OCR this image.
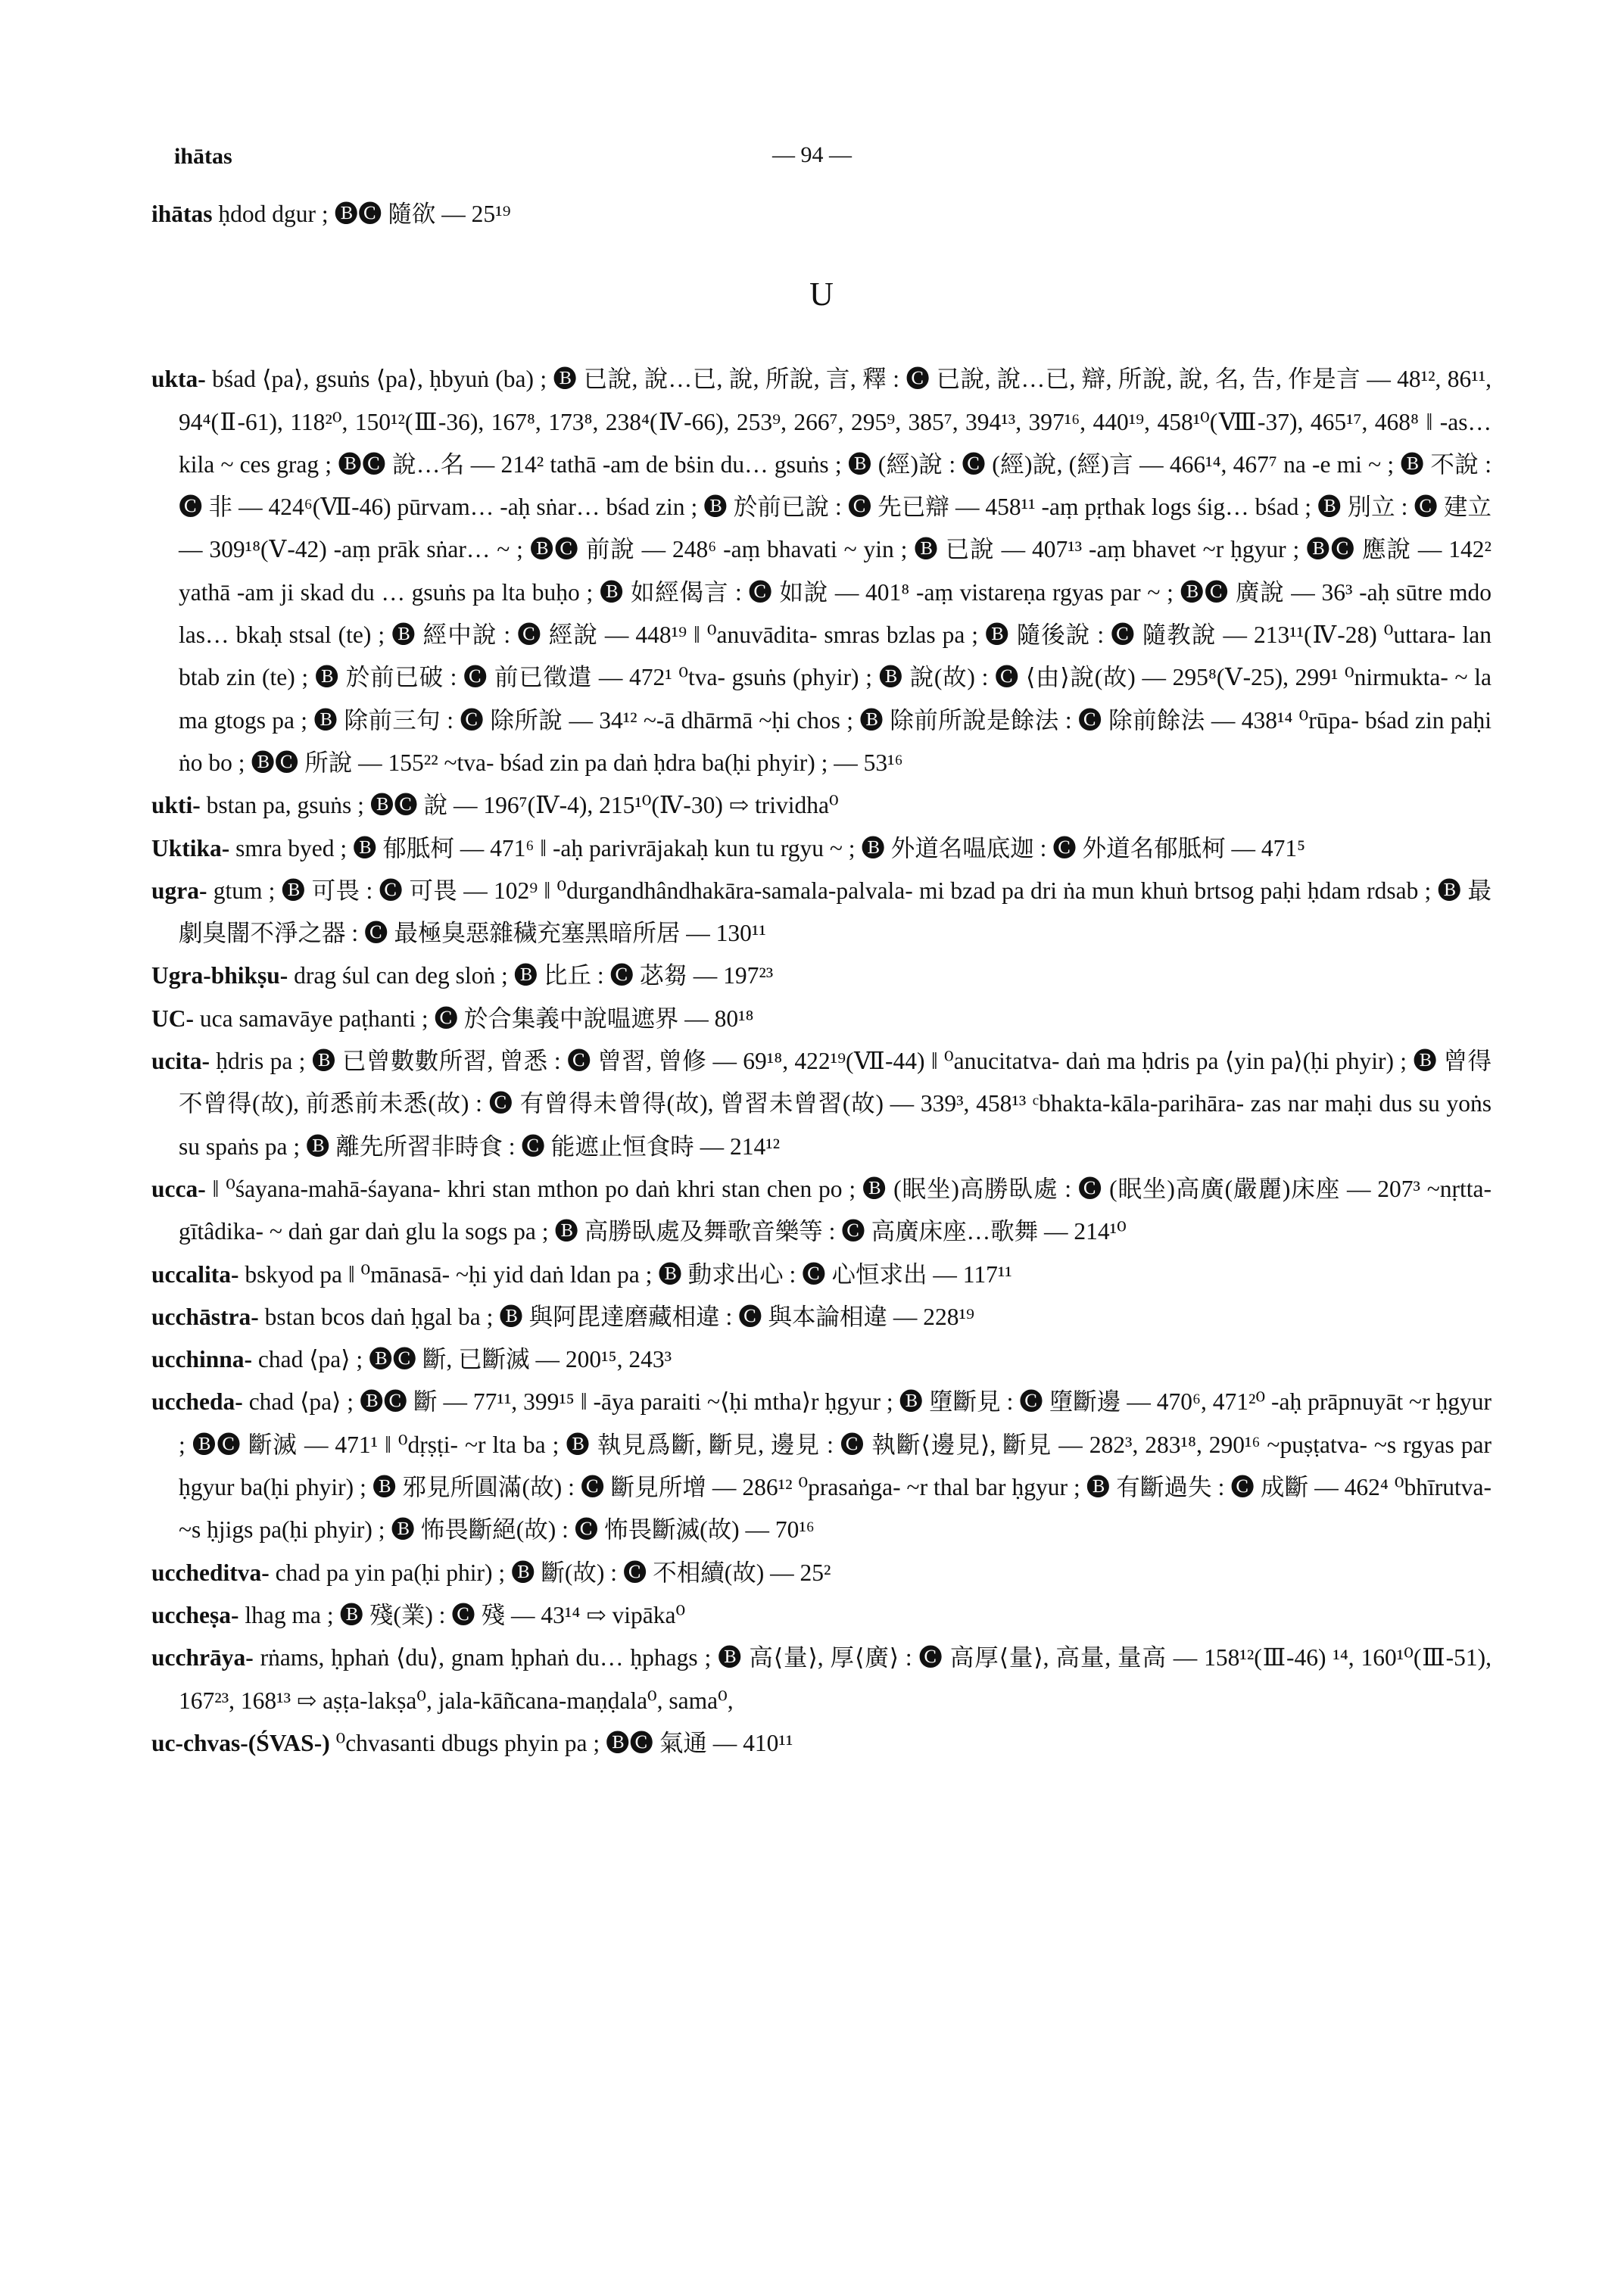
ihātas	— 94 —

ihātas ḥdod dgur ; 🅑🅒 隨欲 — 25¹⁹

U

ukta- bśad ⟨pa⟩, gsuṅs ⟨pa⟩, ḥbyuṅ (ba) ; 🅑 已說, 說…已, 說, 所說, 言, 釋 : 🅒 已說, 說…已, 辯, 所說, 說, 名, 告, 作是言 — 48¹², 86¹¹, 94⁴(Ⅱ-61), 118²⁰, 150¹²(Ⅲ-36), 167⁸, 173⁸, 238⁴(Ⅳ-66), 253⁹, 266⁷, 295⁹, 385⁷, 394¹³, 397¹⁶, 440¹⁹, 458¹⁰(Ⅷ-37), 465¹⁷, 468⁸ ‖ -as… kila ~ ces grag ; 🅑🅒 說…名 — 214² tathā -am de bṡin du… gsuṅs ; 🅑 (經)說 : 🅒 (經)說, (經)言 — 466¹⁴, 467⁷ na -e mi ~ ; 🅑 不說 : 🅒 非 — 424⁶(Ⅶ-46) pūrvam… -aḥ sṅar… bśad zin ; 🅑 於前已說 : 🅒 先已辯 — 458¹¹ -aṃ pṛthak logs śig… bśad ; 🅑 別立 : 🅒 建立 — 309¹⁸(Ⅴ-42) -aṃ prāk sṅar… ~ ; 🅑🅒 前說 — 248⁶ -aṃ bhavati ~ yin ; 🅑 已說 — 407¹³ -aṃ bhavet ~r ḥgyur ; 🅑🅒 應說 — 142² yathā -am ji skad du … gsuṅs pa lta buḥo ; 🅑 如經偈言 : 🅒 如說 — 401⁸ -aṃ vistareṇa rgyas par ~ ; 🅑🅒 廣說 — 36³ -aḥ sūtre mdo las… bkaḥ stsal (te) ; 🅑 經中說 : 🅒 經說 — 448¹⁹ ‖ ⁰anuvādita- smras bzlas pa ; 🅑 隨後說 : 🅒 隨教說 — 213¹¹(Ⅳ-28) ⁰uttara- lan btab zin (te) ; 🅑 於前已破 : 🅒 前已徵遣 — 472¹ ⁰tva- gsuṅs (phyir) ; 🅑 說(故) : 🅒 ⟨由⟩說(故) — 295⁸(Ⅴ-25), 299¹ ⁰nirmukta- ~ la ma gtogs pa ; 🅑 除前三句 : 🅒 除所說 — 34¹² ~-ā dhārmā ~ḥi chos ; 🅑 除前所說是餘法 : 🅒 除前餘法 — 438¹⁴ ⁰rūpa- bśad zin paḥi ṅo bo ; 🅑🅒 所說 — 155²² ~tva- bśad zin pa daṅ ḥdra ba(ḥi phyir) ; — 53¹⁶

ukti- bstan pa, gsuṅs ; 🅑🅒 說 — 196⁷(Ⅳ-4), 215¹⁰(Ⅳ-30) ⇨ trividha⁰

Uktika- smra byed ; 🅑 郁胝柯 — 471⁶ ‖ -aḥ parivrājakaḥ kun tu rgyu ~ ; 🅑 外道名嗢底迦 : 🅒 外道名郁胝柯 — 471⁵

ugra- gtum ; 🅑 可畏 : 🅒 可畏 — 102⁹ ‖ ⁰durgandhândhakāra-samala-palvala- mi bzad pa dri ṅa mun khuṅ brtsog paḥi ḥdam rdsab ; 🅑 最劇臭闇不淨之器 : 🅒 最極臭惡雜穢充塞黑暗所居 — 130¹¹

Ugra-bhikṣu- drag śul can deg sloṅ ; 🅑 比丘 : 🅒 苾芻 — 197²³

UC- uca samavāye paṭhanti ; 🅒 於合集義中說嗢遮界 — 80¹⁸

ucita- ḥdris pa ; 🅑 已曾數數所習, 曾悉 : 🅒 曾習, 曾修 — 69¹⁸, 422¹⁹(Ⅶ-44) ‖ ⁰anucitatva- daṅ ma ḥdris pa ⟨yin pa⟩(ḥi phyir) ; 🅑 曾得不曾得(故), 前悉前未悉(故) : 🅒 有曾得未曾得(故), 曾習未曾習(故) — 339³, 458¹³ ᶜbhakta-kāla-parihāra- zas nar maḥi dus su yoṅs su spaṅs pa ; 🅑 離先所習非時食 : 🅒 能遮止恒食時 — 214¹²

ucca- ‖ ⁰śayana-mahā-śayana- khri stan mthon po daṅ khri stan chen po ; 🅑 (眠坐)高勝臥處 : 🅒 (眠坐)高廣(嚴麗)床座 — 207³ ~nṛtta-gītâdika- ~ daṅ gar daṅ glu la sogs pa ; 🅑 高勝臥處及舞歌音樂等 : 🅒 高廣床座…歌舞 — 214¹⁰

uccalita- bskyod pa ‖ ⁰mānasā- ~ḥi yid daṅ ldan pa ; 🅑 動求出心 : 🅒 心恒求出 — 117¹¹

ucchāstra- bstan bcos daṅ ḥgal ba ; 🅑 與阿毘達磨藏相違 : 🅒 與本論相違 — 228¹⁹

ucchinna- chad ⟨pa⟩ ; 🅑🅒 斷, 已斷滅 — 200¹⁵, 243³

uccheda- chad ⟨pa⟩ ; 🅑🅒 斷 — 77¹¹, 399¹⁵ ‖ -āya paraiti ~⟨ḥi mtha⟩r ḥgyur ; 🅑 墮斷見 : 🅒 墮斷邊 — 470⁶, 471²⁰ -aḥ prāpnuyāt ~r ḥgyur ; 🅑🅒 斷滅 — 471¹ ‖ ⁰dṛṣṭi- ~r lta ba ; 🅑 執見爲斷, 斷見, 邊見 : 🅒 執斷⟨邊見⟩, 斷見 — 282³, 283¹⁸, 290¹⁶ ~puṣṭatva- ~s rgyas par ḥgyur ba(ḥi phyir) ; 🅑 邪見所圓滿(故) : 🅒 斷見所增 — 286¹² ⁰prasaṅga- ~r thal bar ḥgyur ; 🅑 有斷過失 : 🅒 成斷 — 462⁴ ⁰bhīrutva- ~s ḥjigs pa(ḥi phyir) ; 🅑 怖畏斷絕(故) : 🅒 怖畏斷滅(故) — 70¹⁶

uccheditva- chad pa yin pa(ḥi phir) ; 🅑 斷(故) : 🅒 不相續(故) — 25²

uccheṣa- lhag ma ; 🅑 殘(業) : 🅒 殘 — 43¹⁴ ⇨ vipāka⁰

ucchrāya- rṅams, ḥphaṅ ⟨du⟩, gnam ḥphaṅ du… ḥphags ; 🅑 高⟨量⟩, 厚⟨廣⟩ : 🅒 高厚⟨量⟩, 高量, 量高 — 158¹²(Ⅲ-46) ¹⁴, 160¹⁰(Ⅲ-51), 167²³, 168¹³ ⇨ aṣṭa-lakṣa⁰, jala-kāñcana-maṇḍala⁰, sama⁰,

uc-chvas-(ŚVAS-) ⁰chvasanti dbugs phyin pa ; 🅑🅒 氣通 — 410¹¹
